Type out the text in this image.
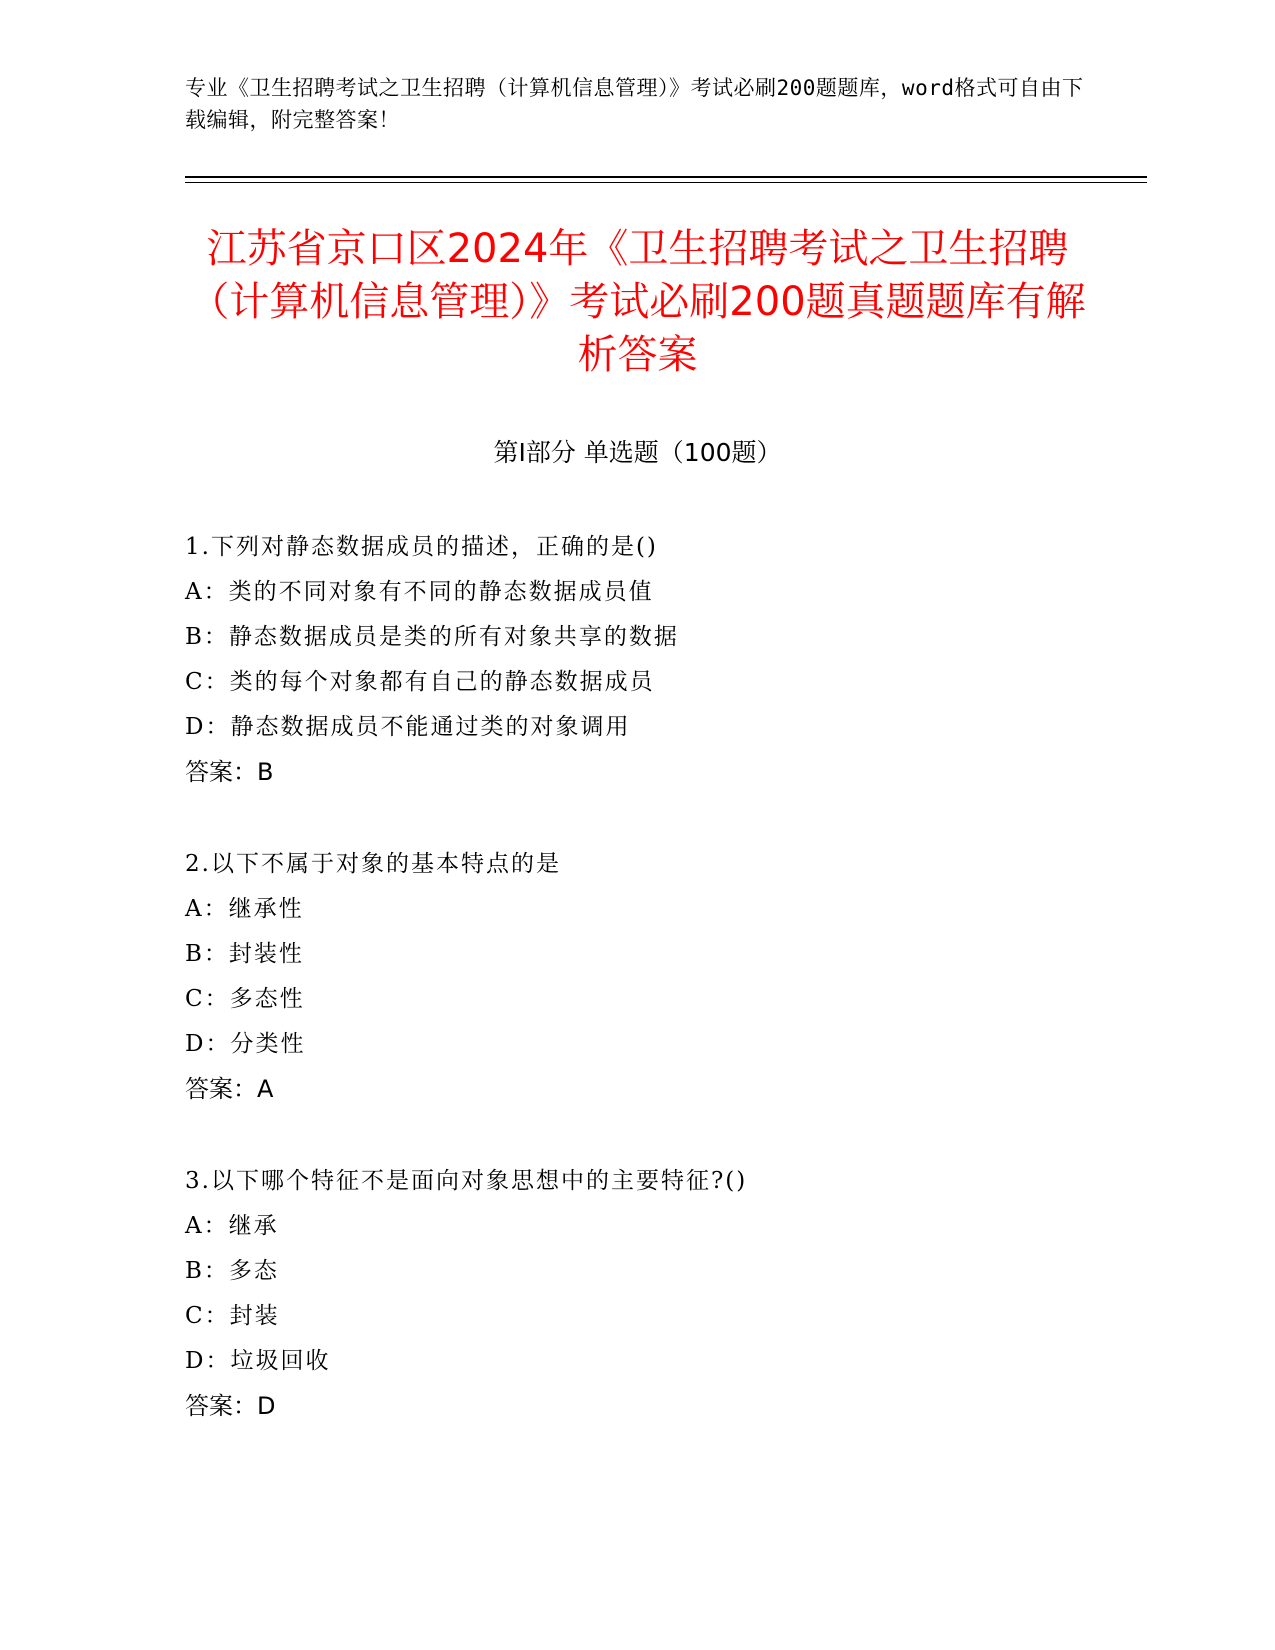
专业《卫生招聘考试之卫生招聘（计算机信息管理）》考试必刷200题题库，word格式可自由下载编辑，附完整答案！
江苏省京口区2024年《卫生招聘考试之卫生招聘（计算机信息管理）》考试必刷200题真题题库有解析答案
第Ⅰ部分 单选题（100题）
1.下列对静态数据成员的描述，正确的是()
A：类的不同对象有不同的静态数据成员值
B：静态数据成员是类的所有对象共享的数据
C：类的每个对象都有自己的静态数据成员
D：静态数据成员不能通过类的对象调用
答案：B
2.以下不属于对象的基本特点的是
A：继承性
B：封装性
C：多态性
D：分类性
答案：A
3.以下哪个特征不是面向对象思想中的主要特征?()
A：继承
B：多态
C：封装
D：垃圾回收
答案：D
